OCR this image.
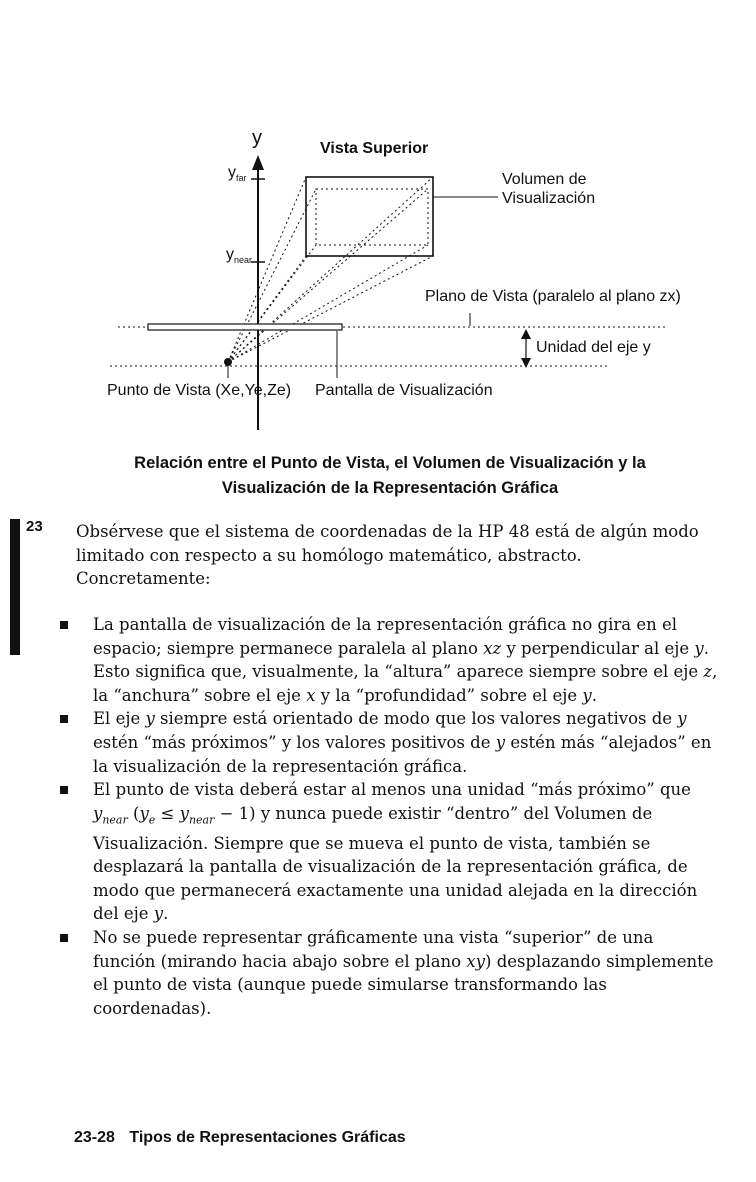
y
$y_{far}$
$y_{near}$
Vista Superior
Volumen de
Visualización
Plano de Vista (paralelo al plano zx)
Unidad del eje y
Punto de Vista (Xe,Ye,Ze) Pantalla de Visualización
Relación entre el Punto de Vista, el Volumen de Visualización y la
Visualización de la Representación Gráfica
23 Obsérvese que el sistema de coordenadas de la HP 48 está de algún modo limitado con respecto a su homólogo matemático, abstracto. Concretamente:

La pantalla de visualización de la representación gráfica no gira en el espacio; siempre permanece paralela al plano xz y perpendicular al eje y. Esto significa que, visualmente, la “altura” aparece siempre sobre el eje z, la “anchura” sobre el eje x y la “profundidad” sobre el eje y.
El eje y siempre está orientado de modo que los valores negativos de y estén “más próximos” y los valores positivos de y estén más “alejados” en la visualización de la representación gráfica.
El punto de vista deberá estar al menos una unidad “más próximo” que $y_{near}$ $(y_e \le y_{near} - 1)$ y nunca puede existir “dentro” del Volumen de Visualización. Siempre que se mueva el punto de vista, también se desplazará la pantalla de visualización de la representación gráfica, de modo que permanecerá exactamente una unidad alejada en la dirección del eje y.
No se puede representar gráficamente una vista “superior” de una función (mirando hacia abajo sobre el plano xy) desplazando simplemente el punto de vista (aunque puede simularse transformando las coordenadas).
23-28 Tipos de Representaciones Gráficas
